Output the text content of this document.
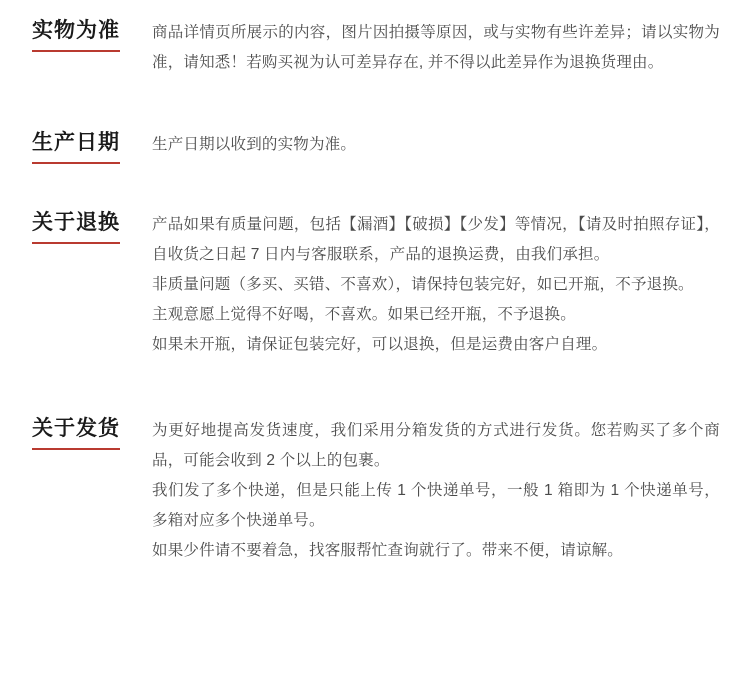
实物为准	商品详情页所展示的内容，图片因拍摄等原因，或与实物有些许差异；请以实物为准，请知悉！若购买视为认可差异存在, 并不得以此差异作为退换货理由。

生产日期	生产日期以收到的实物为准。

关于退换	产品如果有质量问题，包括【漏酒】【破损】【少发】等情况，【请及时拍照存证】，自收货之日起 7 日内与客服联系，产品的退换运费，由我们承担。

非质量问题（多买、买错、不喜欢），请保持包装完好，如已开瓶，不予退换。

主观意愿上觉得不好喝，不喜欢。如果已经开瓶，不予退换。

如果未开瓶，请保证包装完好，可以退换，但是运费由客户自理。

关于发货	为更好地提高发货速度，我们采用分箱发货的方式进行发货。您若购买了多个商品，可能会收到 2 个以上的包裹。

我们发了多个快递，但是只能上传 1 个快递单号，一般 1 箱即为 1 个快递单号，多箱对应多个快递单号。

如果少件请不要着急，找客服帮忙查询就行了。带来不便，请谅解。
